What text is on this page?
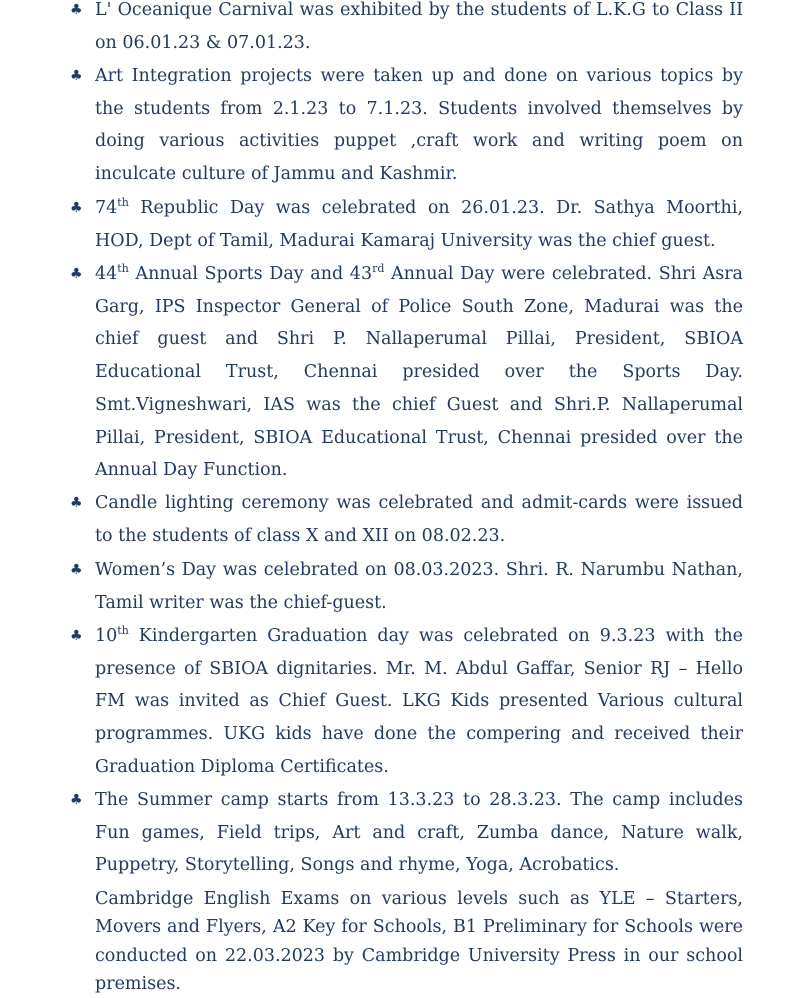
♣ L' Oceanique Carnival was exhibited by the students of L.K.G to Class II on 06.01.23 & 07.01.23.
♣ Art Integration projects were taken up and done on various topics by the students from 2.1.23 to 7.1.23. Students involved themselves by doing various activities puppet ,craft work and writing poem on inculcate culture of Jammu and Kashmir.
♣ 74th Republic Day was celebrated on 26.01.23. Dr. Sathya Moorthi, HOD, Dept of Tamil, Madurai Kamaraj University was the chief guest.
♣ 44th Annual Sports Day and 43rd Annual Day were celebrated. Shri Asra Garg, IPS Inspector General of Police South Zone, Madurai was the chief guest and Shri P. Nallaperumal Pillai, President, SBIOA Educational Trust, Chennai presided over the Sports Day. Smt.Vigneshwari, IAS was the chief Guest and Shri.P. Nallaperumal Pillai, President, SBIOA Educational Trust, Chennai presided over the Annual Day Function.
♣ Candle lighting ceremony was celebrated and admit-cards were issued to the students of class X and XII on 08.02.23.
♣ Women’s Day was celebrated on 08.03.2023. Shri. R. Narumbu Nathan, Tamil writer was the chief-guest.
♣ 10th Kindergarten Graduation day was celebrated on 9.3.23 with the presence of SBIOA dignitaries. Mr. M. Abdul Gaffar, Senior RJ – Hello FM was invited as Chief Guest. LKG Kids presented Various cultural programmes. UKG kids have done the compering and received their Graduation Diploma Certificates.
♣ The Summer camp starts from 13.3.23 to 28.3.23. The camp includes Fun games, Field trips, Art and craft, Zumba dance, Nature walk, Puppetry, Storytelling, Songs and rhyme, Yoga, Acrobatics.
Cambridge English Exams on various levels such as YLE – Starters, Movers and Flyers, A2 Key for Schools, B1 Preliminary for Schools were conducted on 22.03.2023 by Cambridge University Press in our school premises.
